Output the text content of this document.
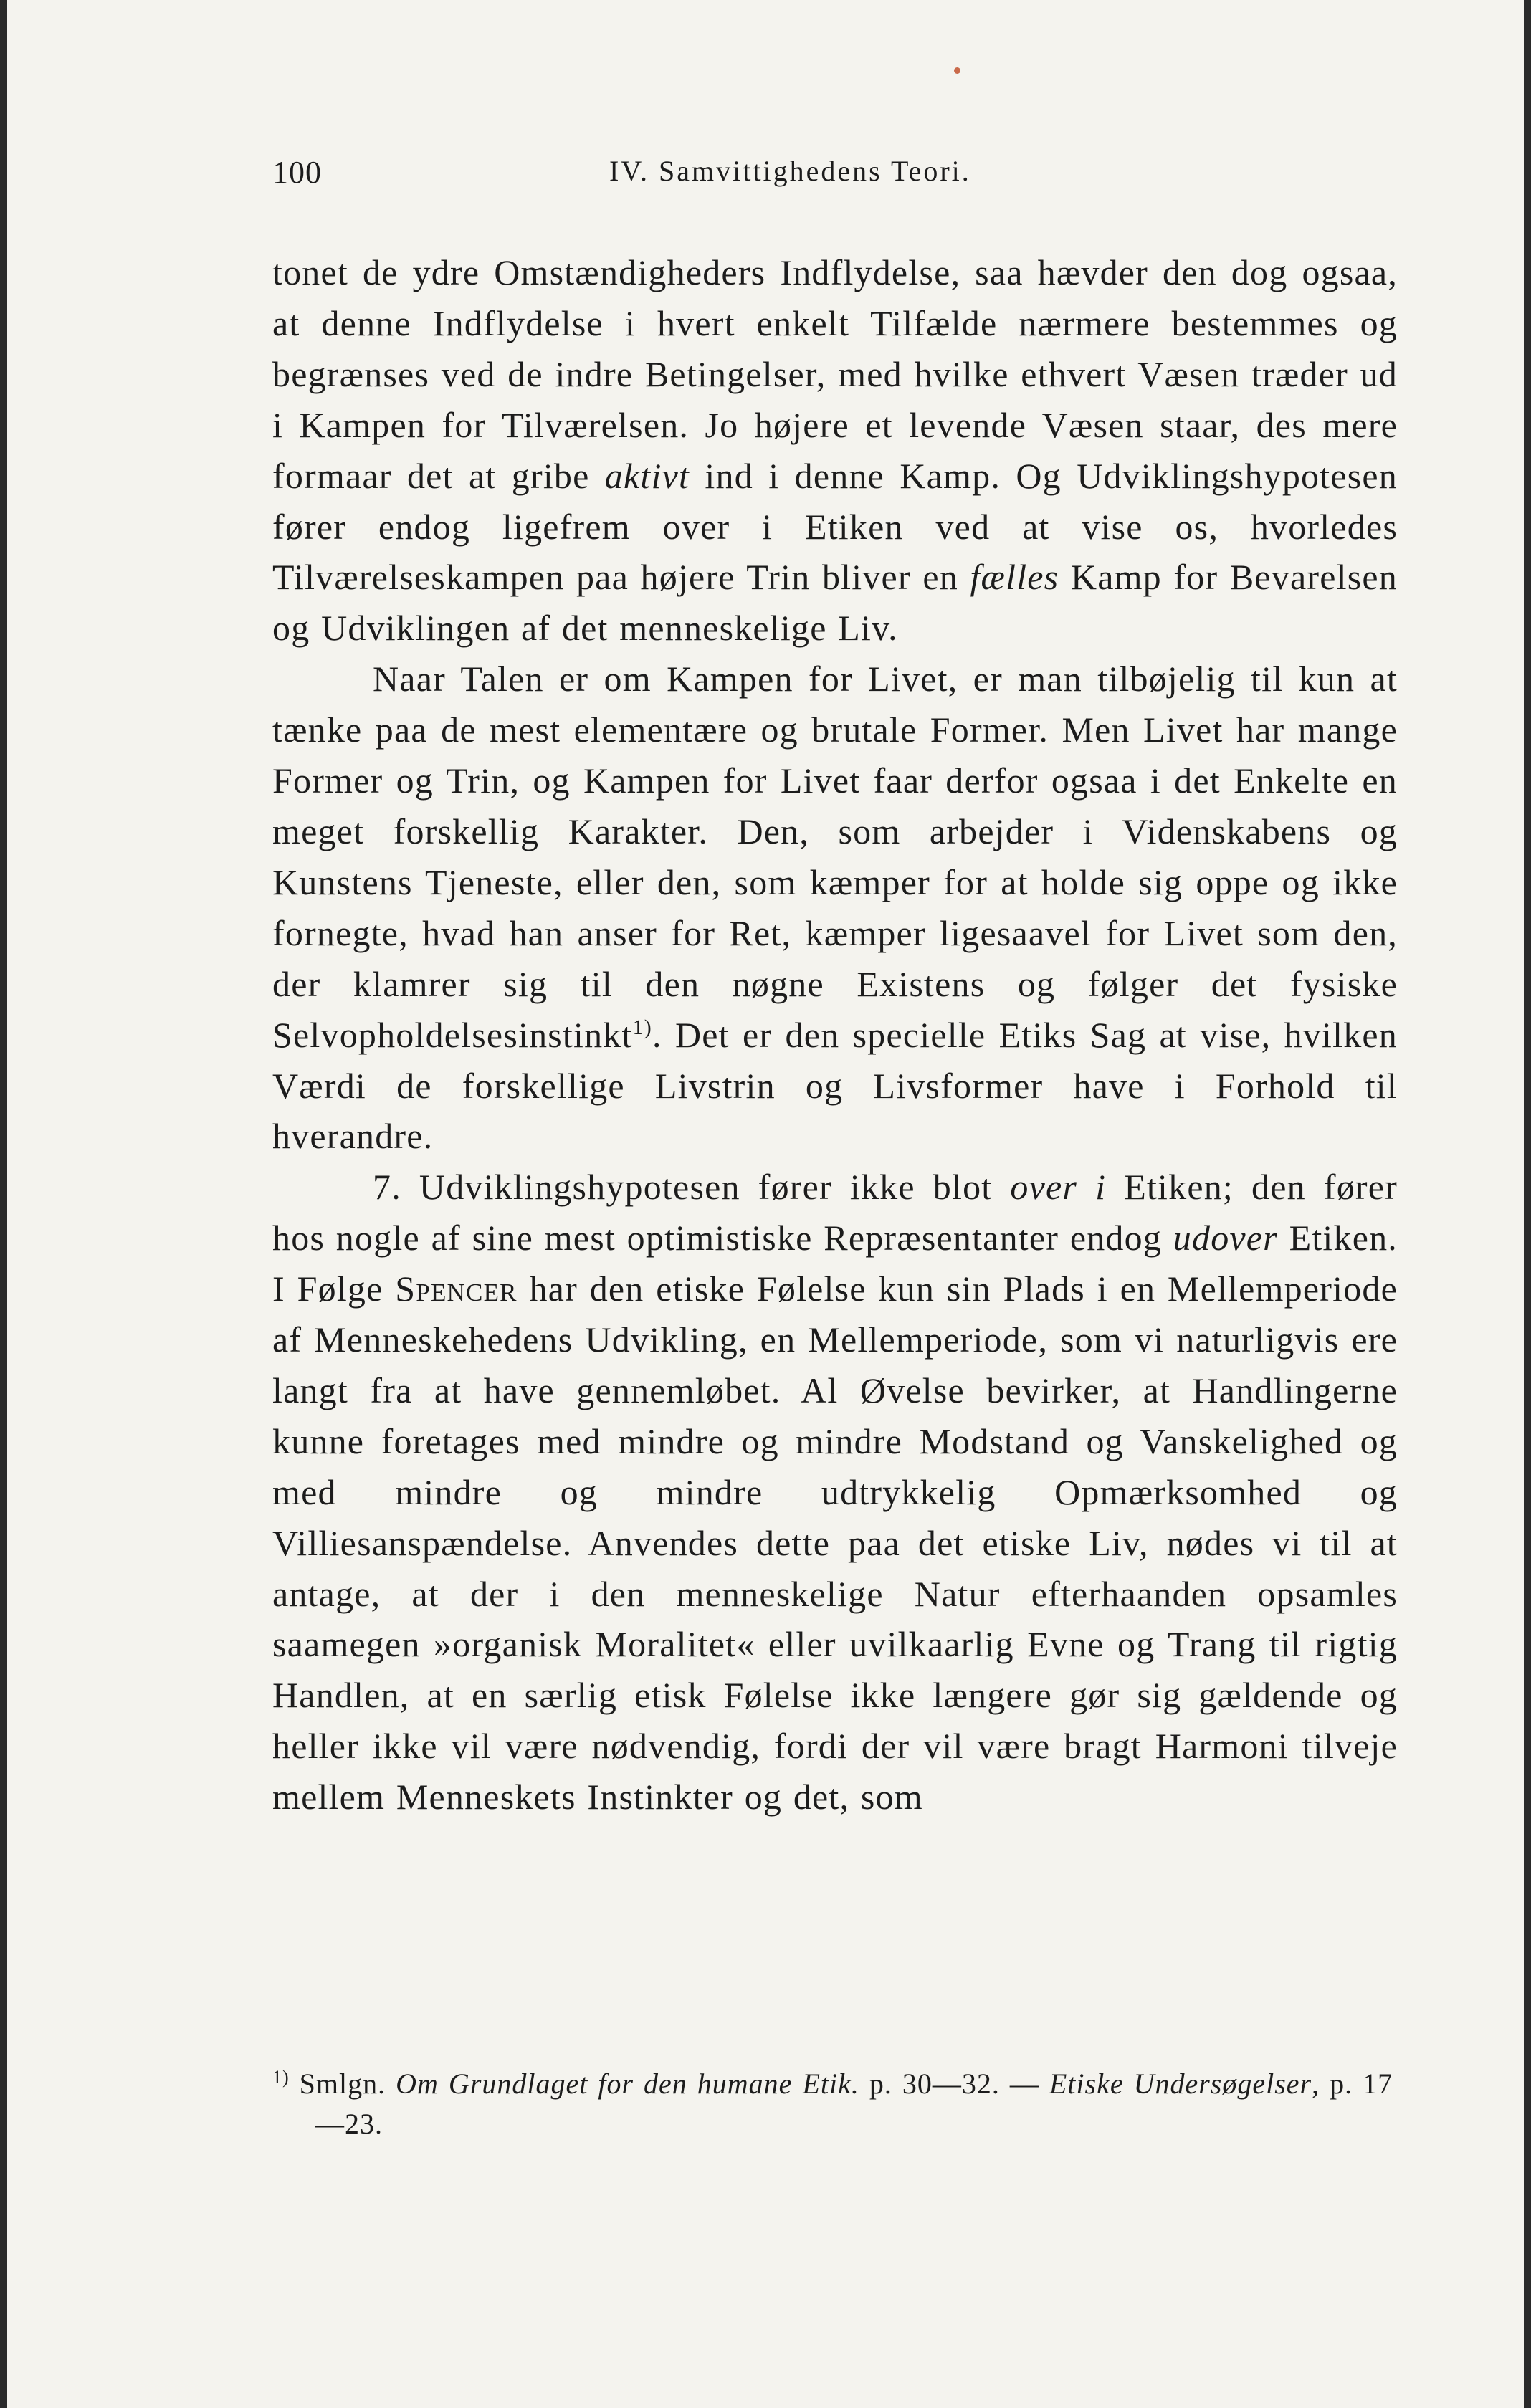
100	IV. Samvittighedens Teori.

tonet de ydre Omstændigheders Indflydelse, saa hævder den dog ogsaa, at denne Indflydelse i hvert enkelt Tilfælde nærmere bestemmes og begrænses ved de indre Betingelser, med hvilke ethvert Væsen træder ud i Kampen for Tilværelsen. Jo højere et levende Væsen staar, des mere formaar det at gribe aktivt ind i denne Kamp. Og Udviklingshypotesen fører endog ligefrem over i Etiken ved at vise os, hvorledes Tilværelseskampen paa højere Trin bliver en fælles Kamp for Bevarelsen og Udviklingen af det menneskelige Liv.

Naar Talen er om Kampen for Livet, er man tilbøjelig til kun at tænke paa de mest elementære og brutale Former. Men Livet har mange Former og Trin, og Kampen for Livet faar derfor ogsaa i det Enkelte en meget forskellig Karakter. Den, som arbejder i Videnskabens og Kunstens Tjeneste, eller den, som kæmper for at holde sig oppe og ikke fornegte, hvad han anser for Ret, kæmper ligesaavel for Livet som den, der klamrer sig til den nøgne Existens og følger det fysiske Selvopholdelsesinstinkt$^{1)}$. Det er den specielle Etiks Sag at vise, hvilken Værdi de forskellige Livstrin og Livsformer have i Forhold til hverandre.

7. Udviklingshypotesen fører ikke blot over i Etiken; den fører hos nogle af sine mest optimistiske Repræsentanter endog udover Etiken. I Følge Spencer har den etiske Følelse kun sin Plads i en Mellemperiode af Menneskehedens Udvikling, en Mellemperiode, som vi naturligvis ere langt fra at have gennemløbet. Al Øvelse bevirker, at Handlingerne kunne foretages med mindre og mindre Modstand og Vanskelighed og med mindre og mindre udtrykkelig Opmærksomhed og Villiesanspændelse. Anvendes dette paa det etiske Liv, nødes vi til at antage, at der i den menneskelige Natur efterhaanden opsamles saamegen »organisk Moralitet« eller uvilkaarlig Evne og Trang til rigtig Handlen, at en særlig etisk Følelse ikke længere gør sig gældende og heller ikke vil være nødvendig, fordi der vil være bragt Harmoni tilveje mellem Menneskets Instinkter og det, som

$^{1)}$ Smlgn. Om Grundlaget for den humane Etik. p. 30—32. — Etiske Undersøgelser, p. 17—23.
